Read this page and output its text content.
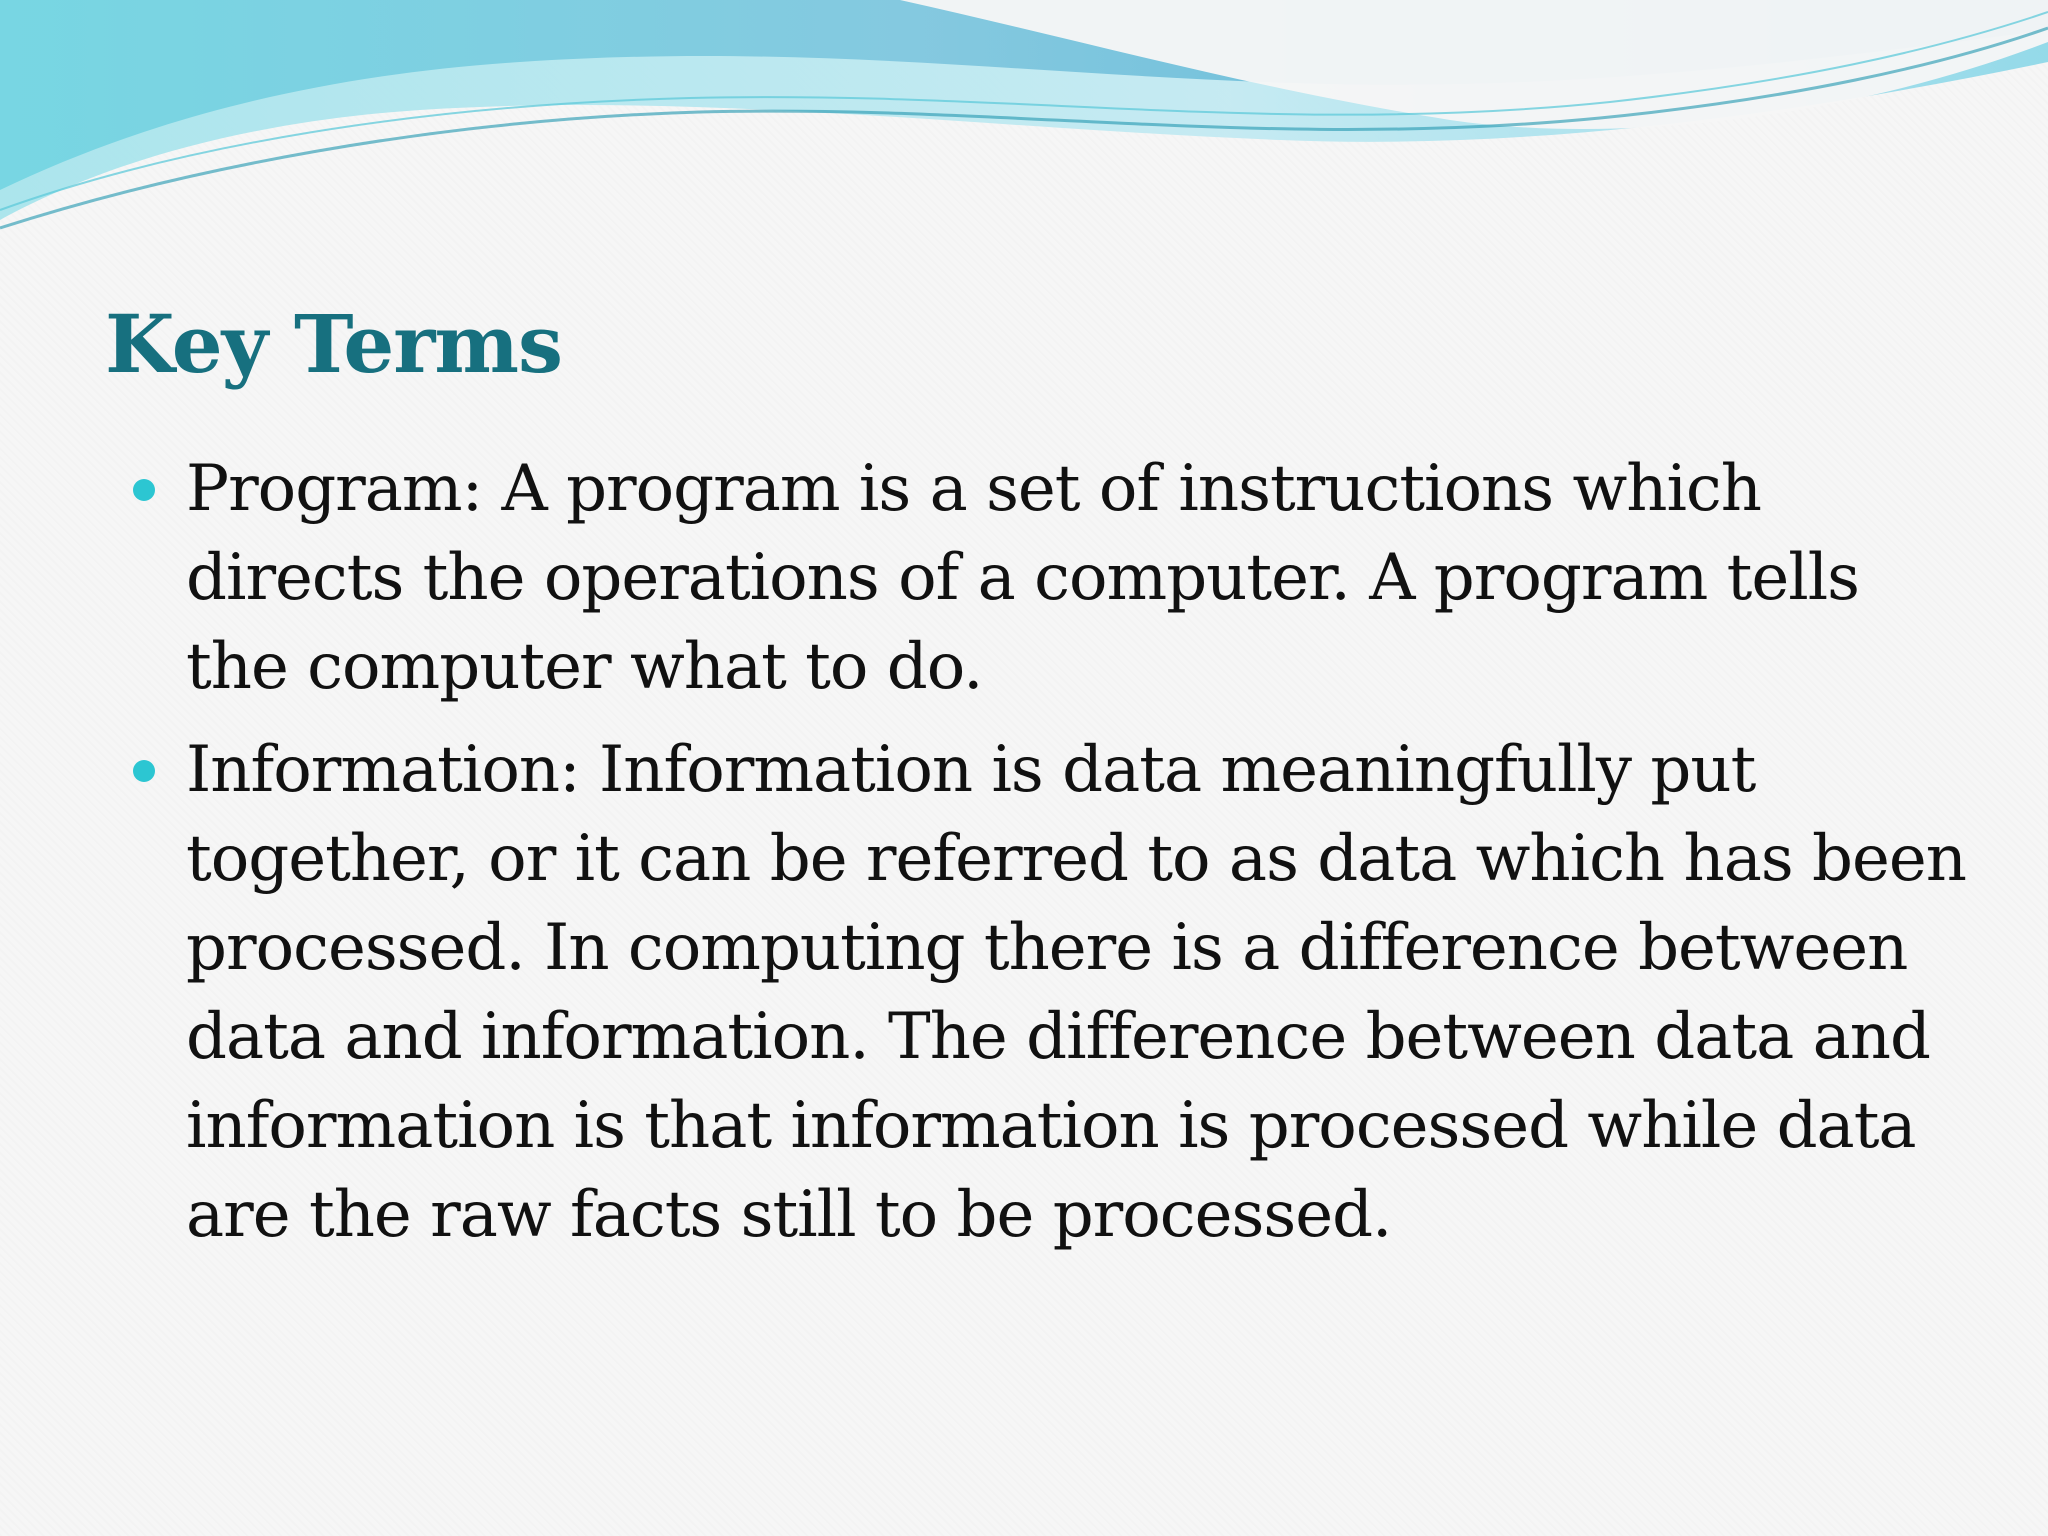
Key Terms
Program: A program is a set of instructions which directs the operations of a computer. A program tells the computer what to do.
Information: Information is data meaningfully put together, or it can be referred to as data which has been processed. In computing there is a difference between data and information. The difference between data and information is that information is processed while data are the raw facts still to be processed.
